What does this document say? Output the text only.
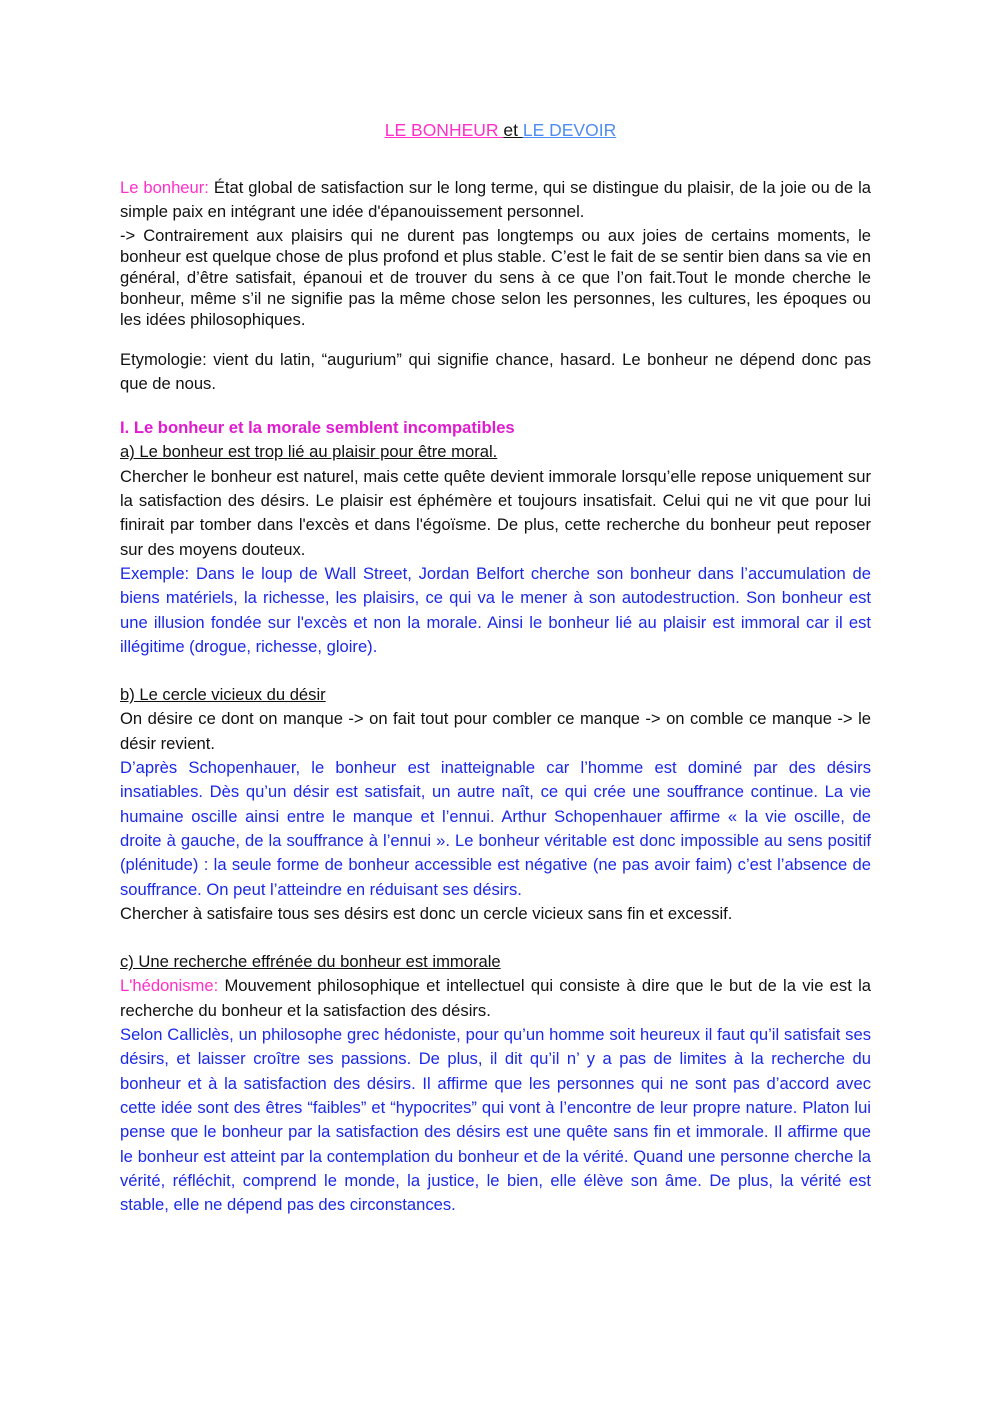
LE BONHEUR et LE DEVOIR

Le bonheur: État global de satisfaction sur le long terme, qui se distingue du plaisir, de la joie ou de la simple paix en intégrant une idée d'épanouissement personnel.

-> Contrairement aux plaisirs qui ne durent pas longtemps ou aux joies de certains moments, le bonheur est quelque chose de plus profond et plus stable. C’est le fait de se sentir bien dans sa vie en général, d’être satisfait, épanoui et de trouver du sens à ce que l’on fait.Tout le monde cherche le bonheur, même s’il ne signifie pas la même chose selon les personnes, les cultures, les époques ou les idées philosophiques.

Etymologie: vient du latin, “augurium” qui signifie chance, hasard. Le bonheur ne dépend donc pas que de nous.

I. Le bonheur et la morale semblent incompatibles

a) Le bonheur est trop lié au plaisir pour être moral.

Chercher le bonheur est naturel, mais cette quête devient immorale lorsqu’elle repose uniquement sur la satisfaction des désirs. Le plaisir est éphémère et toujours insatisfait. Celui qui ne vit que pour lui finirait par tomber dans l'excès et dans l'égoïsme. De plus, cette recherche du bonheur peut reposer sur des moyens douteux.

Exemple: Dans le loup de Wall Street, Jordan Belfort cherche son bonheur dans l’accumulation de biens matériels, la richesse, les plaisirs, ce qui va le mener à son autodestruction. Son bonheur est une illusion fondée sur l'excès et non la morale. Ainsi le bonheur lié au plaisir est immoral car il est illégitime (drogue, richesse, gloire).

b) Le cercle vicieux du désir

On désire ce dont on manque -> on fait tout pour combler ce manque -> on comble ce manque -> le désir revient.

D’après Schopenhauer, le bonheur est inatteignable car l’homme est dominé par des désirs insatiables. Dès qu’un désir est satisfait, un autre naît, ce qui crée une souffrance continue. La vie humaine oscille ainsi entre le manque et l’ennui. Arthur Schopenhauer affirme « la vie oscille, de droite à gauche, de la souffrance à l’ennui ». Le bonheur véritable est donc impossible au sens positif (plénitude) : la seule forme de bonheur accessible est négative (ne pas avoir faim) c’est l’absence de souffrance. On peut l’atteindre en réduisant ses désirs.

Chercher à satisfaire tous ses désirs est donc un cercle vicieux sans fin et excessif.

c) Une recherche effrénée du bonheur est immorale

L'hédonisme: Mouvement philosophique et intellectuel qui consiste à dire que le but de la vie est la recherche du bonheur et la satisfaction des désirs.

Selon Calliclès, un philosophe grec hédoniste, pour qu’un homme soit heureux il faut qu’il satisfait ses désirs, et laisser croître ses passions. De plus, il dit qu’il n’ y a pas de limites à la recherche du bonheur et à la satisfaction des désirs. Il affirme que les personnes qui ne sont pas d’accord avec cette idée sont des êtres “faibles” et “hypocrites” qui vont à l’encontre de leur propre nature. Platon lui pense que le bonheur par la satisfaction des désirs est une quête sans fin et immorale. Il affirme que le bonheur est atteint par la contemplation du bonheur et de la vérité. Quand une personne cherche la vérité, réfléchit, comprend le monde, la justice, le bien, elle élève son âme. De plus, la vérité est stable, elle ne dépend pas des circonstances.
